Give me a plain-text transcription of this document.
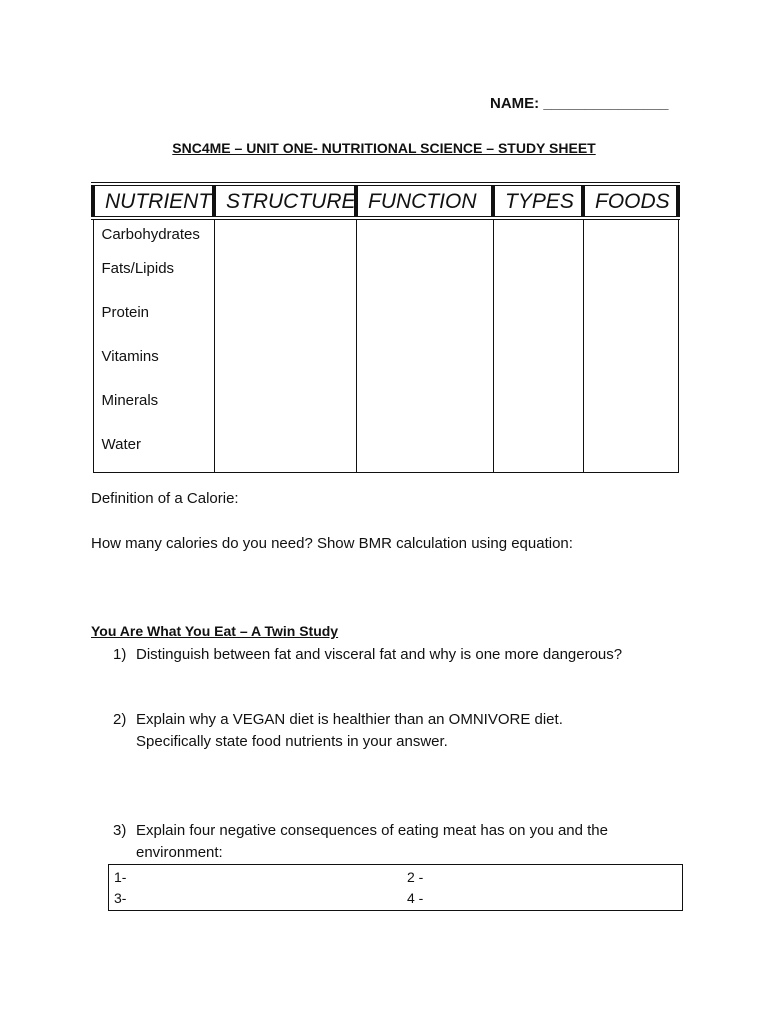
NAME: _______________
SNC4ME – UNIT ONE- NUTRITIONAL SCIENCE – STUDY SHEET
NUTRIENT	STRUCTURE	FUNCTION	TYPES	FOODS
Carbohydrates				
Fats/Lipids				
Protein				
Vitamins				
Minerals				
Water				
Definition of a Calorie:
How many calories do you need? Show BMR calculation using equation:
You Are What You Eat – A Twin Study
1) Distinguish between fat and visceral fat and why is one more dangerous?
2) Explain why a VEGAN diet is healthier than an OMNIVORE diet.
Specifically state food nutrients in your answer.
3) Explain four negative consequences of eating meat has on you and the
environment:
1-	2 -
3-	4 -
